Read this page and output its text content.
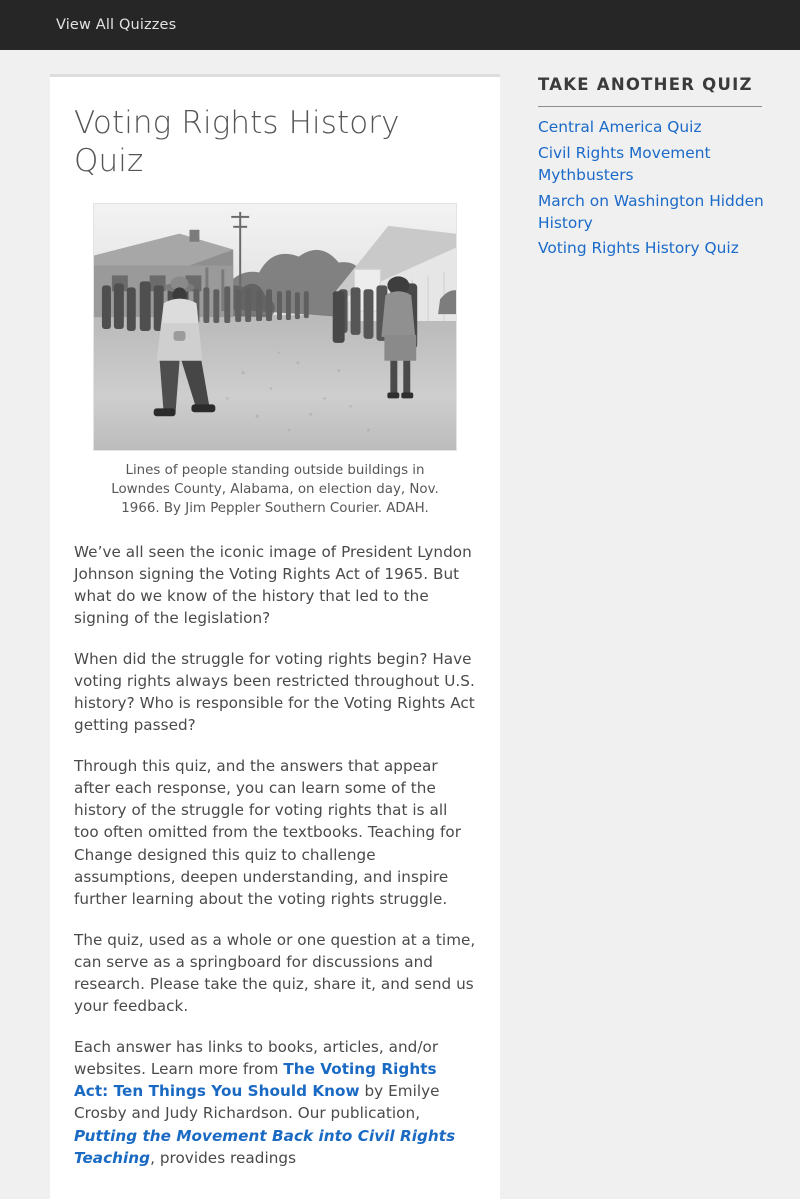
View All Quizzes
Voting Rights History Quiz
Lines of people standing outside buildings in Lowndes County, Alabama, on election day, Nov. 1966. By Jim Peppler Southern Courier. ADAH.

We’ve all seen the iconic image of President Lyndon Johnson signing the Voting Rights Act of 1965. But what do we know of the history that led to the signing of the legislation?

When did the struggle for voting rights begin? Have voting rights always been restricted throughout U.S. history? Who is responsible for the Voting Rights Act getting passed?

Through this quiz, and the answers that appear after each response, you can learn some of the history of the struggle for voting rights that is all too often omitted from the textbooks. Teaching for Change designed this quiz to challenge assumptions, deepen understanding, and inspire further learning about the voting rights struggle.

The quiz, used as a whole or one question at a time, can serve as a springboard for discussions and research. Please take the quiz, share it, and send us your feedback.

Each answer has links to books, articles, and/or websites. Learn more from The Voting Rights Act: Ten Things You Should Know by Emilye Crosby and Judy Richardson. Our publication, Putting the Movement Back into Civil Rights Teaching, provides readings

TAKE ANOTHER QUIZ
Central America Quiz
Civil Rights Movement Mythbusters
March on Washington Hidden History
Voting Rights History Quiz
